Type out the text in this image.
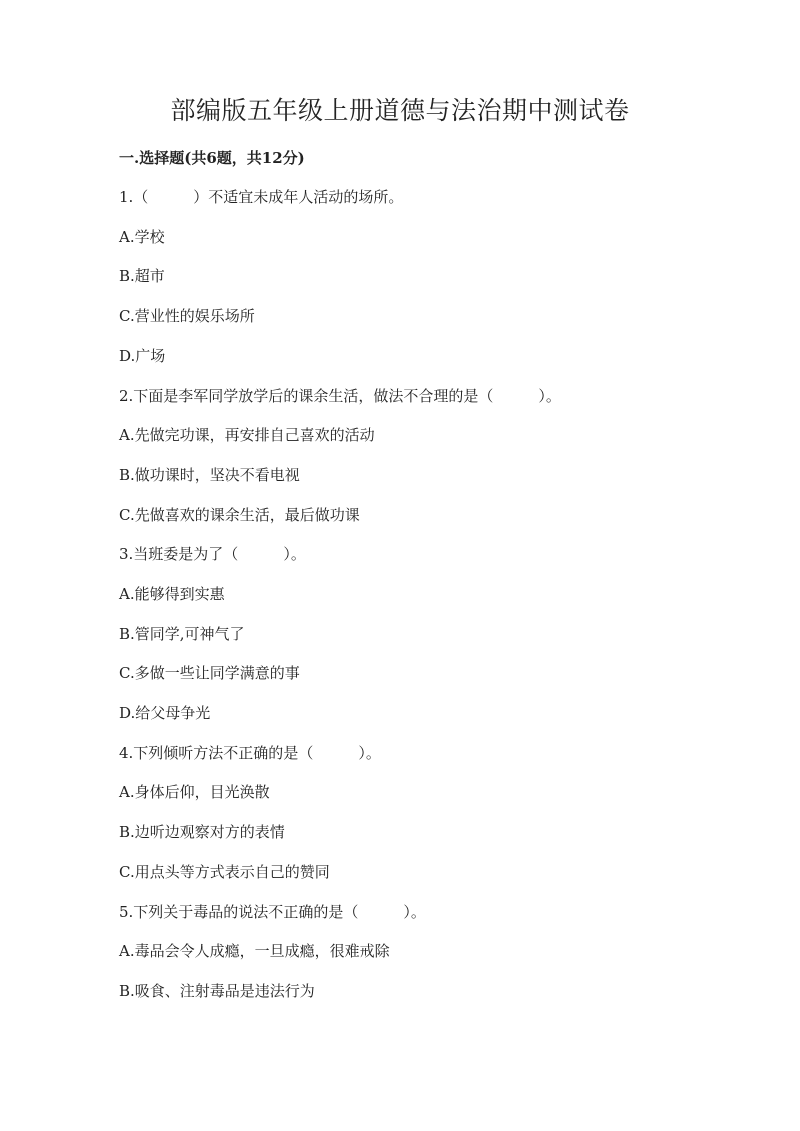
部编版五年级上册道德与法治期中测试卷
一.选择题(共6题，共12分)
1.（　　　）不适宜未成年人活动的场所。
A.学校
B.超市
C.营业性的娱乐场所
D.广场
2.下面是李军同学放学后的课余生活，做法不合理的是（　　　）。
A.先做完功课，再安排自己喜欢的活动
B.做功课时，坚决不看电视
C.先做喜欢的课余生活，最后做功课
3.当班委是为了（　　　）。
A.能够得到实惠
B.管同学,可神气了
C.多做一些让同学满意的事
D.给父母争光
4.下列倾听方法不正确的是（　　　）。
A.身体后仰，目光涣散
B.边听边观察对方的表情
C.用点头等方式表示自己的赞同
5.下列关于毒品的说法不正确的是（　　　）。
A.毒品会令人成瘾，一旦成瘾，很难戒除
B.吸食、注射毒品是违法行为
